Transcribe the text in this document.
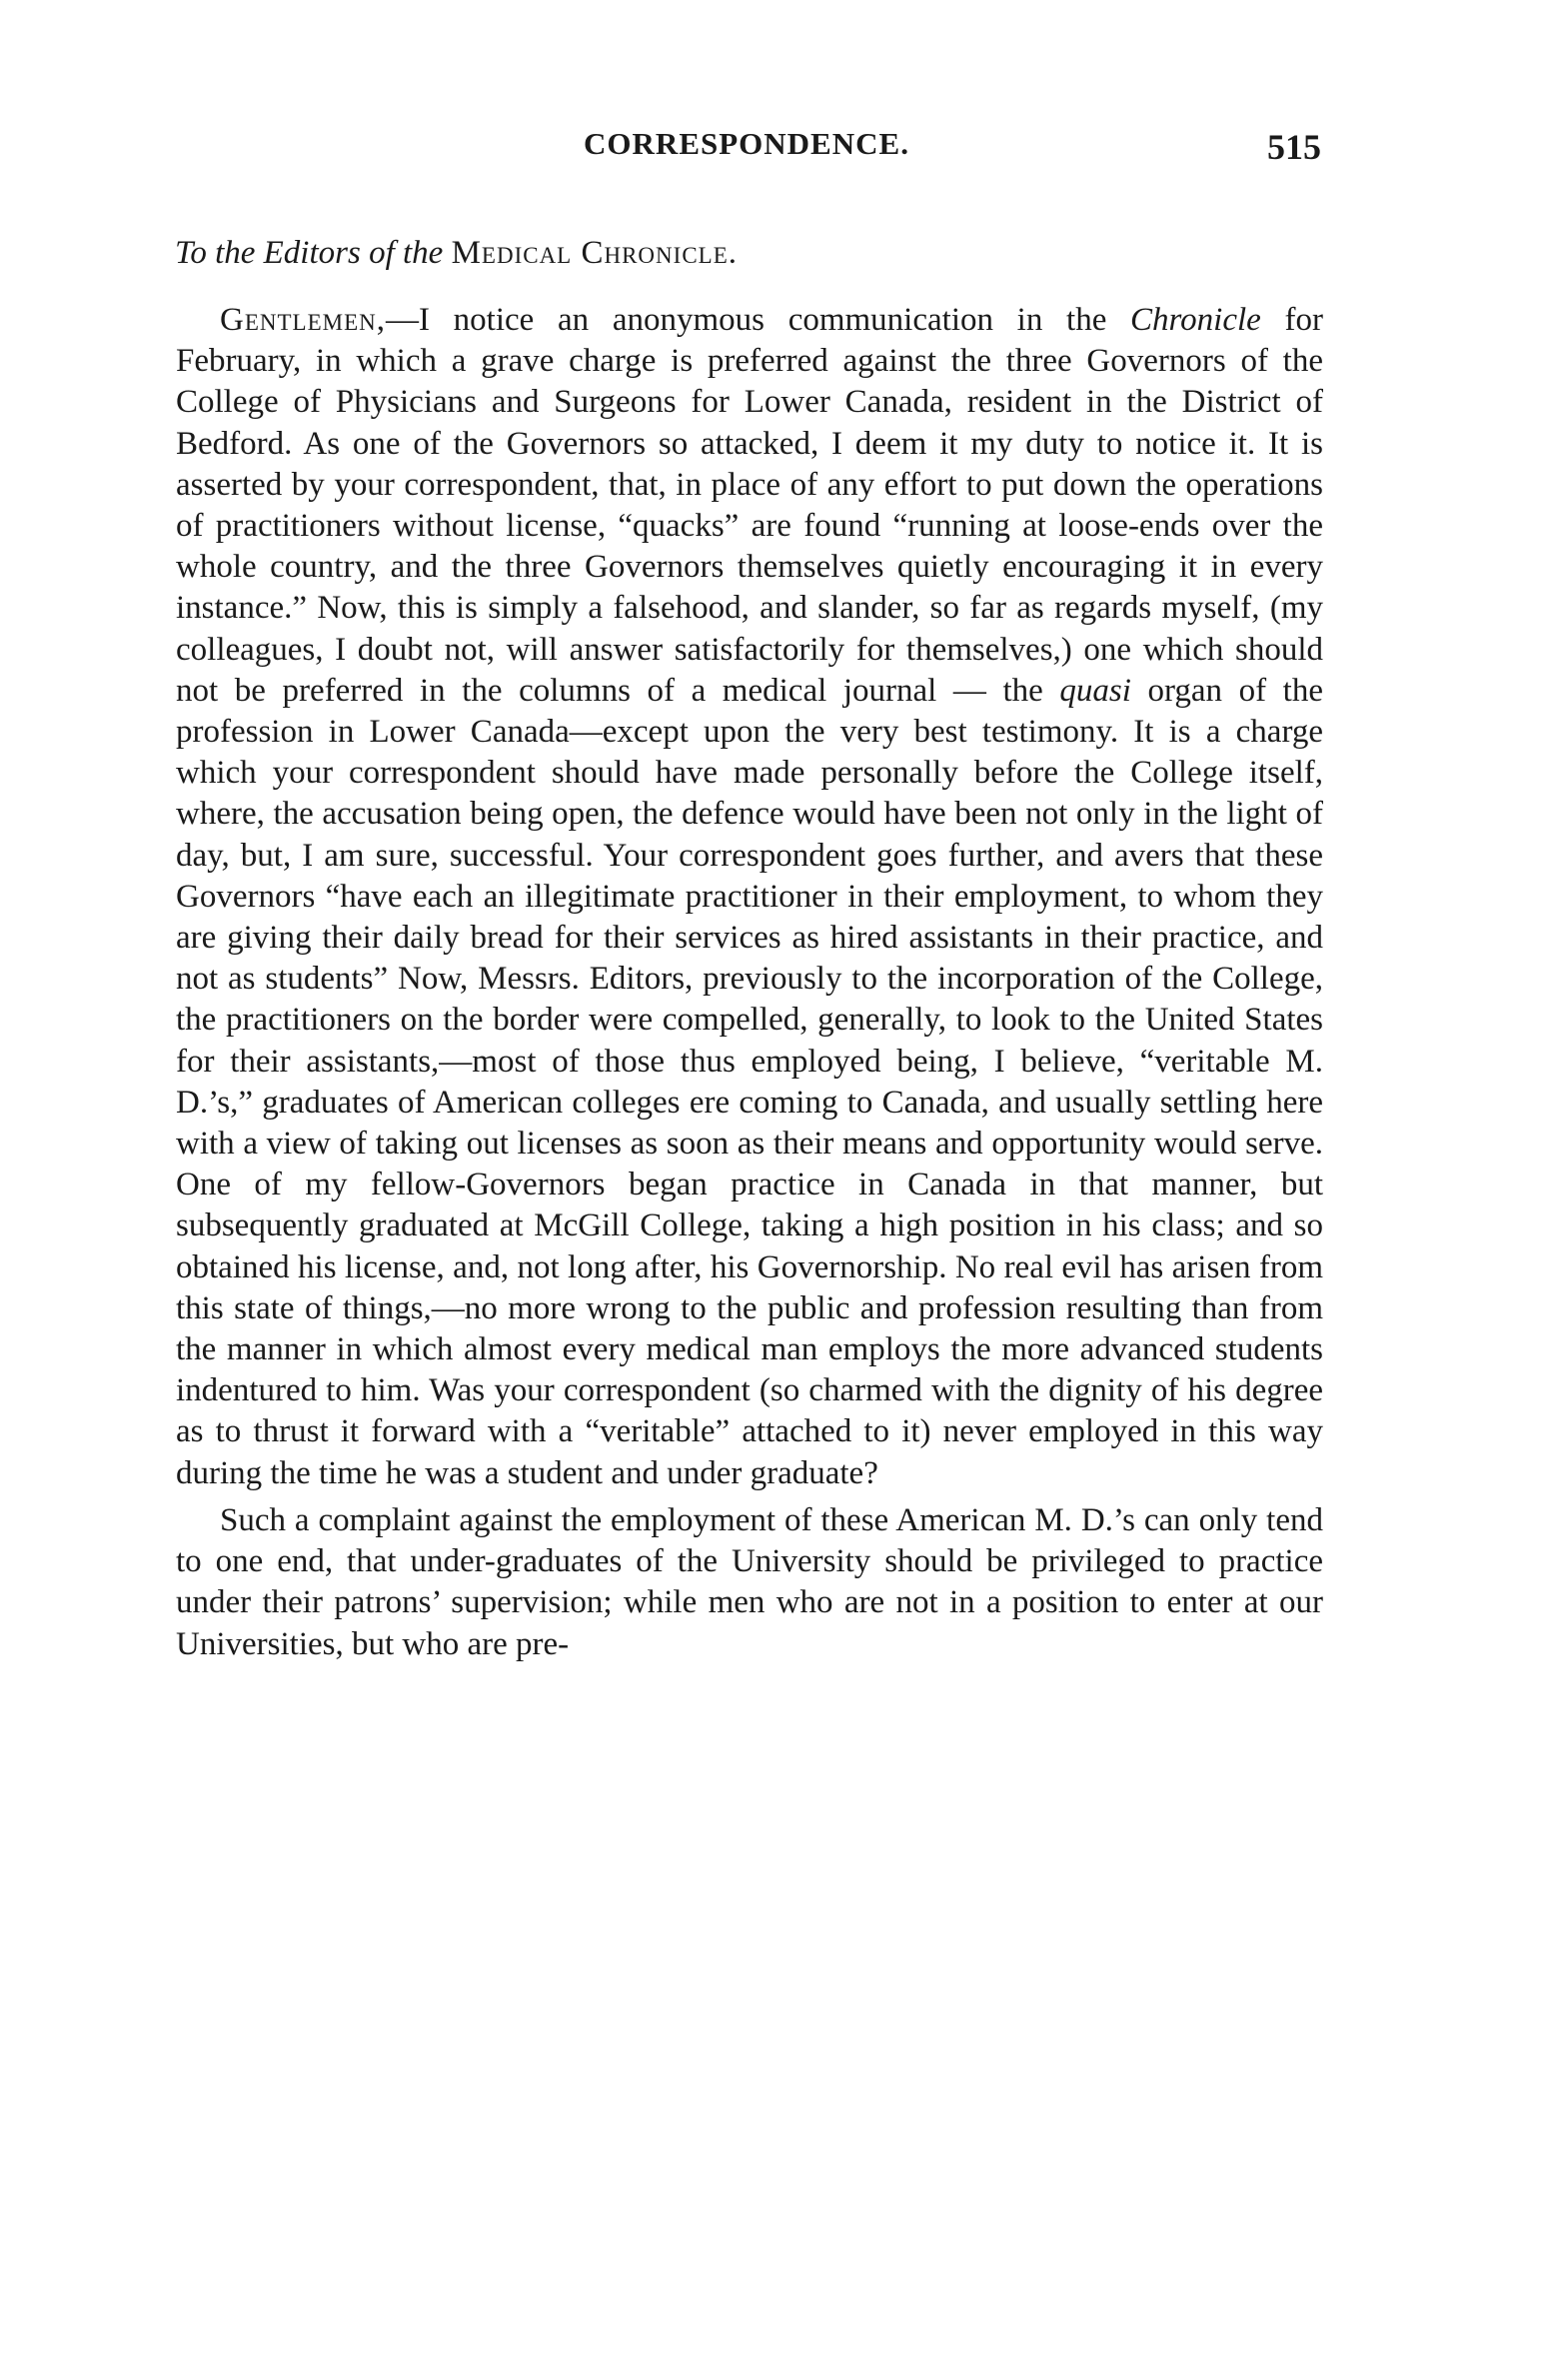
CORRESPONDENCE.	515
To the Editors of the Medical Chronicle.

Gentlemen,—I notice an anonymous communication in the Chronicle for February, in which a grave charge is preferred against the three Governors of the College of Physicians and Surgeons for Lower Canada, resident in the District of Bedford. As one of the Governors so attacked, I deem it my duty to notice it. It is asserted by your correspondent, that, in place of any effort to put down the operations of practitioners without license, “quacks” are found “running at loose-ends over the whole country, and the three Governors themselves quietly encouraging it in every instance.” Now, this is simply a falsehood, and slander, so far as regards myself, (my colleagues, I doubt not, will answer satisfactorily for themselves,) one which should not be preferred in the columns of a medical journal — the quasi organ of the profession in Lower Canada—except upon the very best testimony. It is a charge which your correspondent should have made personally before the College itself, where, the accusation being open, the defence would have been not only in the light of day, but, I am sure, successful. Your correspondent goes further, and avers that these Governors “have each an illegitimate practitioner in their employment, to whom they are giving their daily bread for their services as hired assistants in their practice, and not as students” Now, Messrs. Editors, previously to the incorporation of the College, the practitioners on the border were compelled, generally, to look to the United States for their assistants,—most of those thus employed being, I believe, “veritable M. D.’s,” graduates of American colleges ere coming to Canada, and usually settling here with a view of taking out licenses as soon as their means and opportunity would serve. One of my fellow-Governors began practice in Canada in that manner, but subsequently graduated at McGill College, taking a high position in his class; and so obtained his license, and, not long after, his Governorship. No real evil has arisen from this state of things,—no more wrong to the public and profession resulting than from the manner in which almost every medical man employs the more advanced students indentured to him. Was your correspondent (so charmed with the dignity of his degree as to thrust it forward with a “veritable” attached to it) never employed in this way during the time he was a student and under graduate?

Such a complaint against the employment of these American M. D.’s can only tend to one end, that under-graduates of the University should be privileged to practice under their patrons’ supervision; while men who are not in a position to enter at our Universities, but who are pre-
